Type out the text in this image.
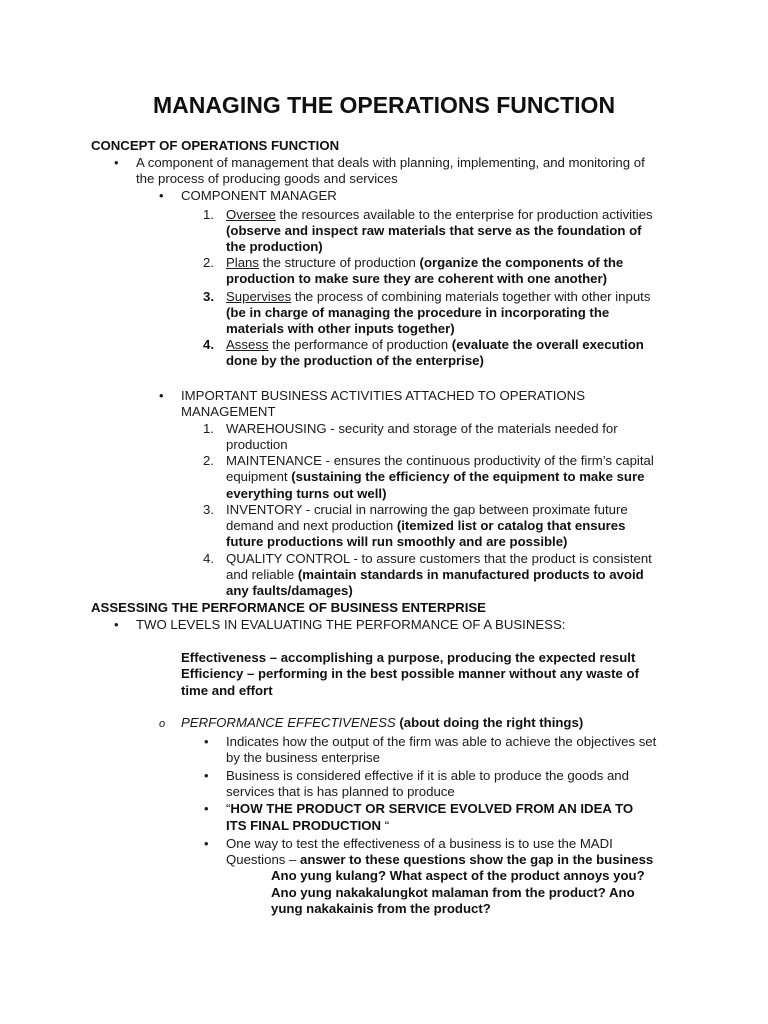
MANAGING THE OPERATIONS FUNCTION
CONCEPT OF OPERATIONS FUNCTION
• A component of management that deals with planning, implementing, and monitoring of
the process of producing goods and services
• COMPONENT MANAGER
1. Oversee the resources available to the enterprise for production activities
(observe and inspect raw materials that serve as the foundation of
the production)
2. Plans the structure of production (organize the components of the
production to make sure they are coherent with one another)
3. Supervises the process of combining materials together with other inputs
(be in charge of managing the procedure in incorporating the
materials with other inputs together)
4. Assess the performance of production (evaluate the overall execution
done by the production of the enterprise)
• IMPORTANT BUSINESS ACTIVITIES ATTACHED TO OPERATIONS
MANAGEMENT
1. WAREHOUSING - security and storage of the materials needed for
production
2. MAINTENANCE - ensures the continuous productivity of the firm’s capital
equipment (sustaining the efficiency of the equipment to make sure
everything turns out well)
3. INVENTORY - crucial in narrowing the gap between proximate future
demand and next production (itemized list or catalog that ensures
future productions will run smoothly and are possible)
4. QUALITY CONTROL - to assure customers that the product is consistent
and reliable (maintain standards in manufactured products to avoid
any faults/damages)
ASSESSING THE PERFORMANCE OF BUSINESS ENTERPRISE
• TWO LEVELS IN EVALUATING THE PERFORMANCE OF A BUSINESS:
Effectiveness – accomplishing a purpose, producing the expected result
Efficiency – performing in the best possible manner without any waste of
time and effort
o PERFORMANCE EFFECTIVENESS (about doing the right things)
• Indicates how the output of the firm was able to achieve the objectives set
by the business enterprise
• Business is considered effective if it is able to produce the goods and
services that is has planned to produce
• “HOW THE PRODUCT OR SERVICE EVOLVED FROM AN IDEA TO
ITS FINAL PRODUCTION “
• One way to test the effectiveness of a business is to use the MADI
Questions – answer to these questions show the gap in the business
Ano yung kulang? What aspect of the product annoys you?
Ano yung nakakalungkot malaman from the product? Ano
yung nakakainis from the product?
